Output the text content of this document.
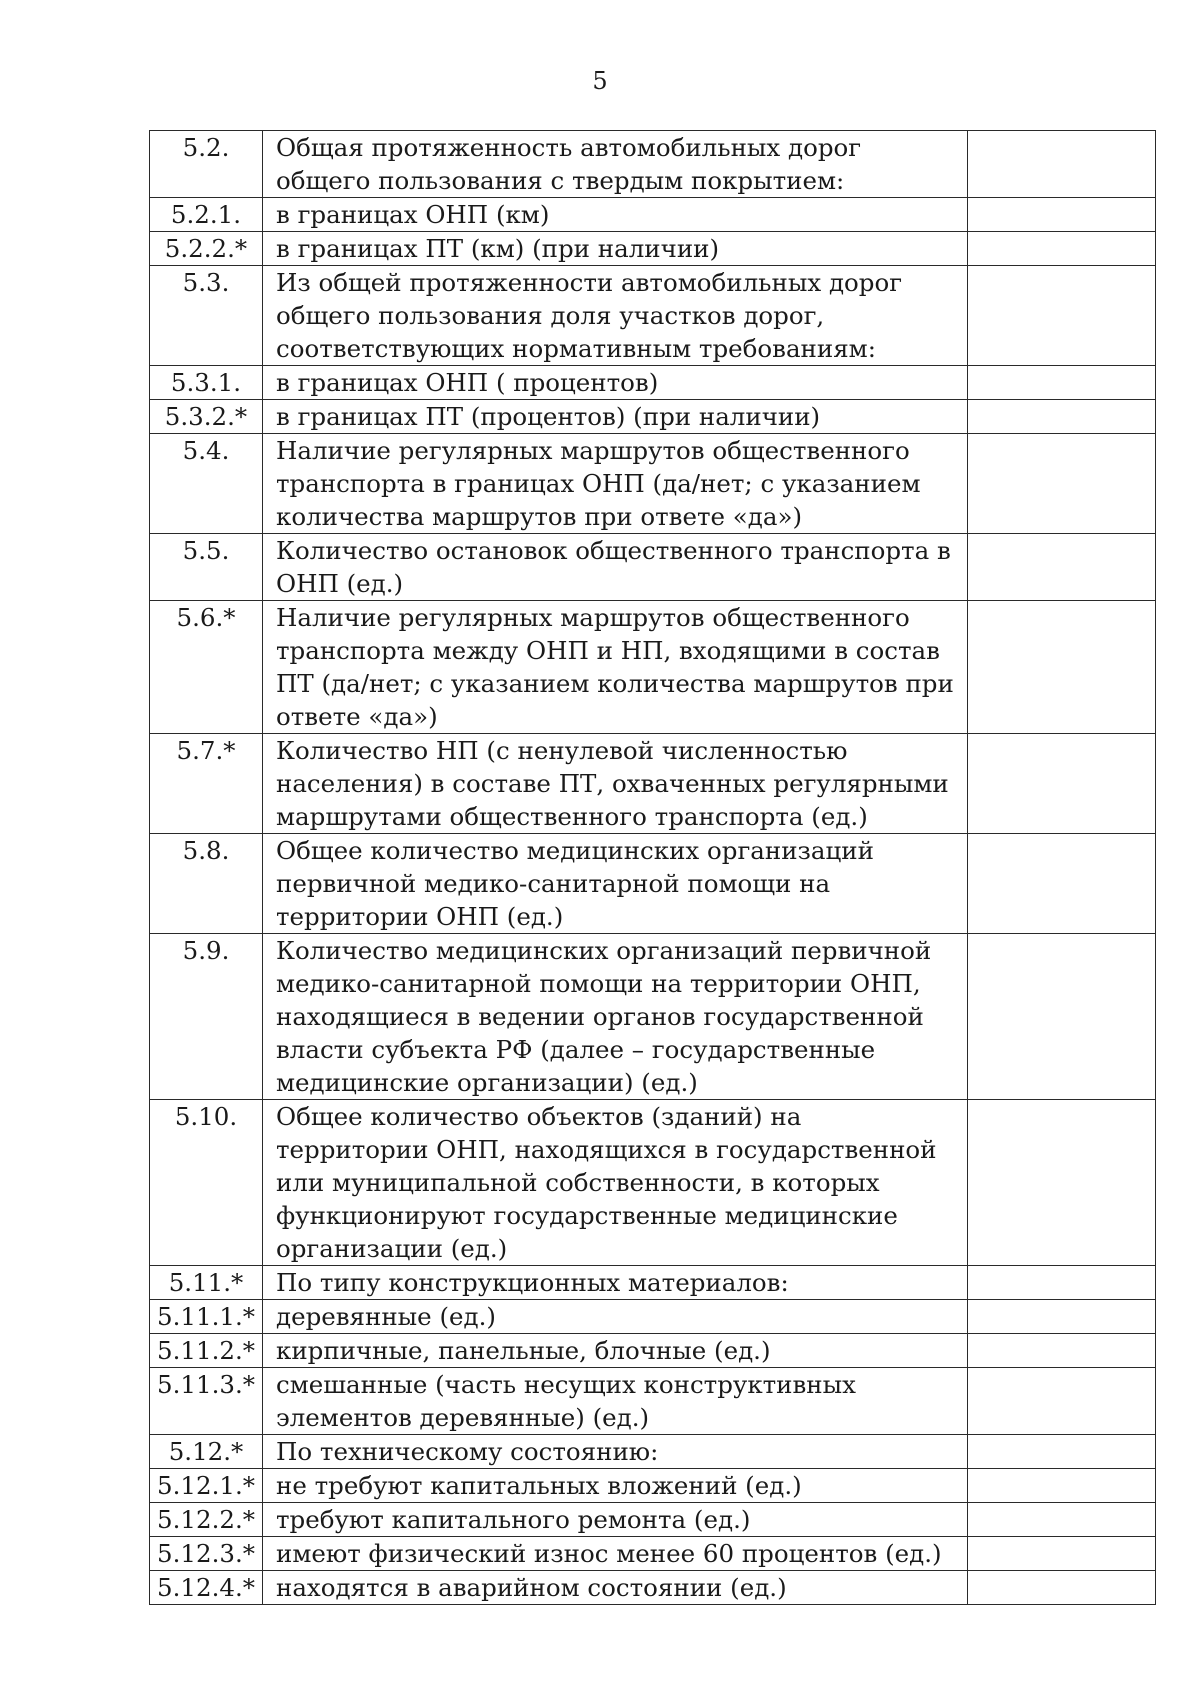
5
5.2.	Общая протяженность автомобильных дорог общего пользования с твердым покрытием:	
5.2.1.	в границах ОНП (км)	
5.2.2.*	в границах ПТ (км) (при наличии)	
5.3.	Из общей протяженности автомобильных дорог общего пользования доля участков дорог, соответствующих нормативным требованиям:	
5.3.1.	в границах ОНП ( процентов)	
5.3.2.*	в границах ПТ (процентов) (при наличии)	
5.4.	Наличие регулярных маршрутов общественного транспорта в границах ОНП (да/нет; с указанием количества маршрутов при ответе «да»)	
5.5.	Количество остановок общественного транспорта в ОНП (ед.)	
5.6.*	Наличие регулярных маршрутов общественного транспорта между ОНП и НП, входящими в состав ПТ (да/нет; с указанием количества маршрутов при ответе «да»)	
5.7.*	Количество НП (с ненулевой численностью населения) в составе ПТ, охваченных регулярными маршрутами общественного транспорта (ед.)	
5.8.	Общее количество медицинских организаций первичной медико-санитарной помощи на территории ОНП (ед.)	
5.9.	Количество медицинских организаций первичной медико-санитарной помощи на территории ОНП, находящиеся в ведении органов государственной власти субъекта РФ (далее – государственные медицинские организации) (ед.)	
5.10.	Общее количество объектов (зданий) на территории ОНП, находящихся в государственной или муниципальной собственности, в которых функционируют государственные медицинские организации (ед.)	
5.11.*	По типу конструкционных материалов:	
5.11.1.*	деревянные (ед.)	
5.11.2.*	кирпичные, панельные, блочные (ед.)	
5.11.3.*	смешанные (часть несущих конструктивных элементов деревянные) (ед.)	
5.12.*	По техническому состоянию:	
5.12.1.*	не требуют капитальных вложений (ед.)	
5.12.2.*	требуют капитального ремонта (ед.)	
5.12.3.*	имеют физический износ менее 60 процентов (ед.)	
5.12.4.*	находятся в аварийном состоянии (ед.)	
